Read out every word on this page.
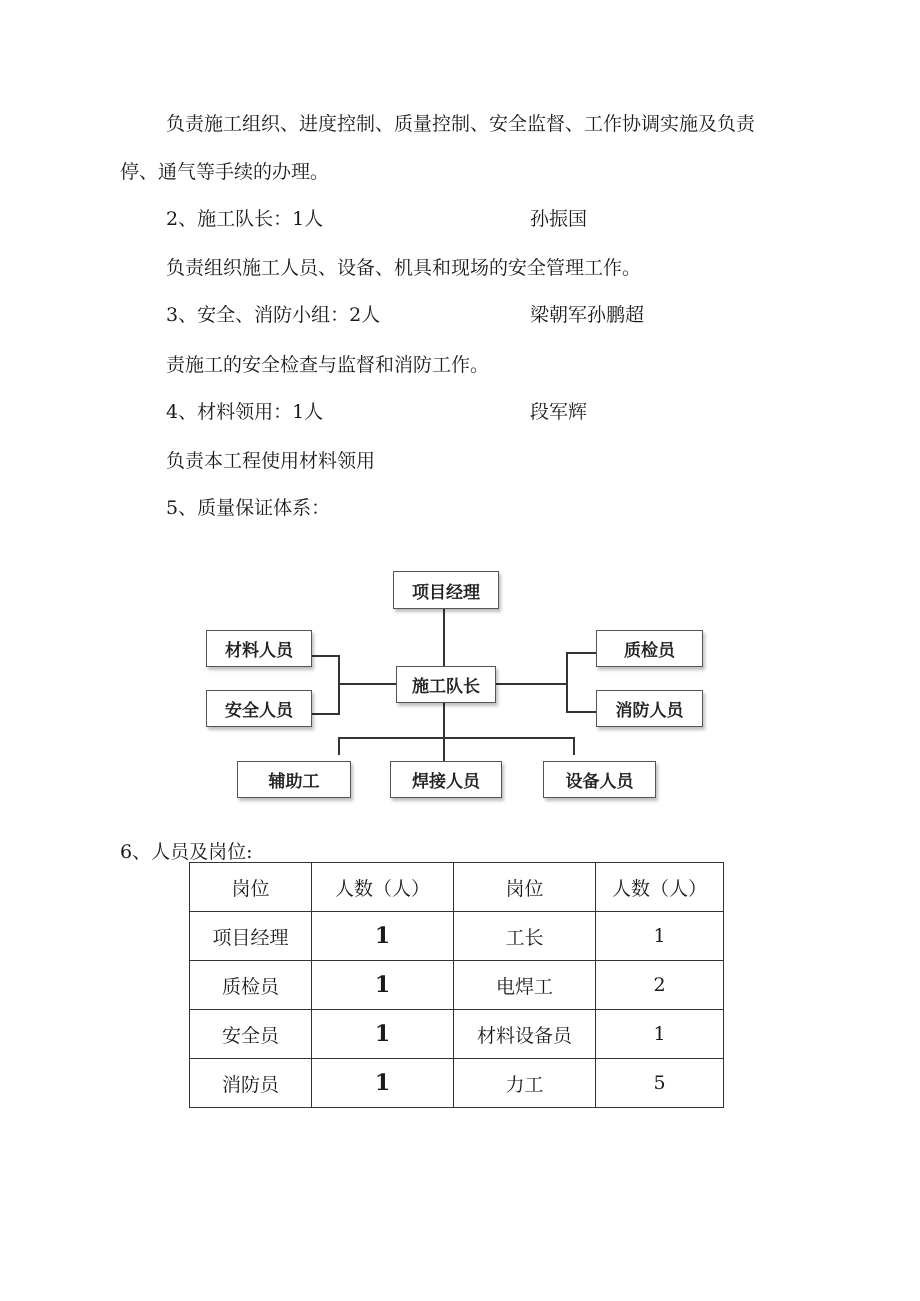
负责施工组织、进度控制、质量控制、安全监督、工作协调实施及负责
停、通气等手续的办理。
2、施工队长：1人	孙振国
负责组织施工人员、设备、机具和现场的安全管理工作。
3、安全、消防小组：2人	梁朝军孙鹏超
责施工的安全检查与监督和消防工作。
4、材料领用：1人	段军辉
负责本工程使用材料领用
5、质量保证体系：
项目经理
施工队长
材料人员
安全人员
质检员
消防人员
辅助工	焊接人员	设备人员
6、人员及岗位:
岗位	人数（人）	岗位	人数（人）
项目经理	1	工长	1
质检员	1	电焊工	2
安全员	1	材料设备员	1
消防员	1	力工	5
